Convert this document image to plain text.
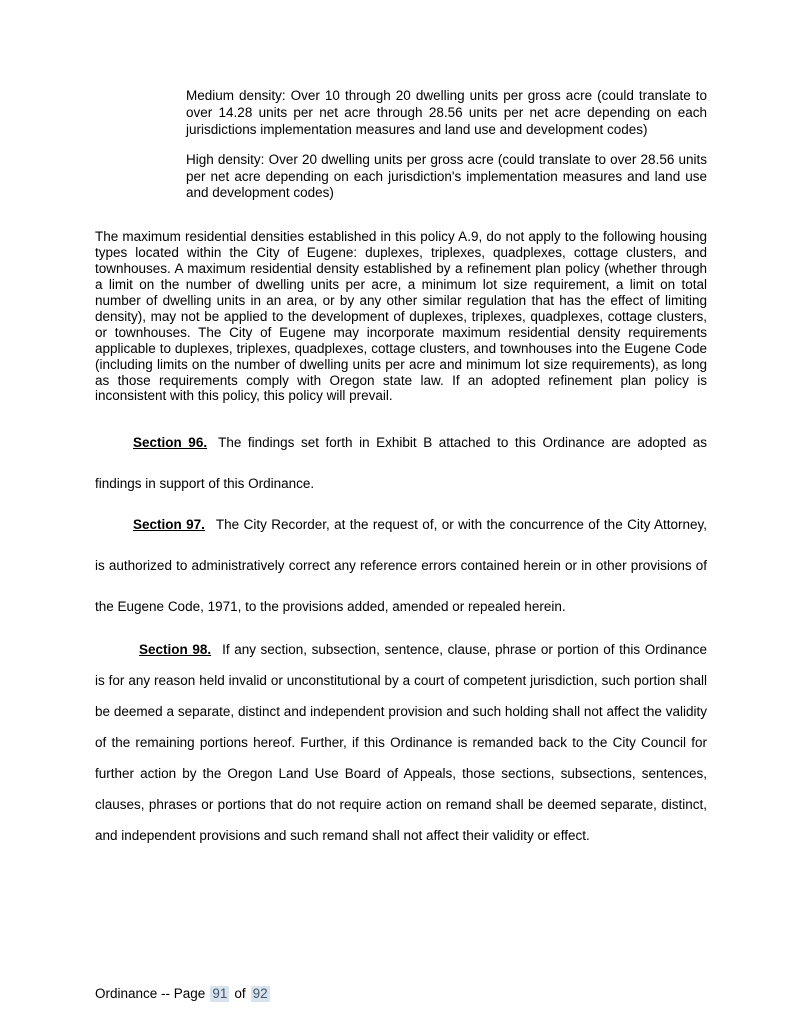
Medium density: Over 10 through 20 dwelling units per gross acre (could translate to over 14.28 units per net acre through 28.56 units per net acre depending on each jurisdictions implementation measures and land use and development codes)

High density: Over 20 dwelling units per gross acre (could translate to over 28.56 units per net acre depending on each jurisdiction's implementation measures and land use and development codes)

The maximum residential densities established in this policy A.9, do not apply to the following housing types located within the City of Eugene: duplexes, triplexes, quadplexes, cottage clusters, and townhouses. A maximum residential density established by a refinement plan policy (whether through a limit on the number of dwelling units per acre, a minimum lot size requirement, a limit on total number of dwelling units in an area, or by any other similar regulation that has the effect of limiting density), may not be applied to the development of duplexes, triplexes, quadplexes, cottage clusters, or townhouses. The City of Eugene may incorporate maximum residential density requirements applicable to duplexes, triplexes, quadplexes, cottage clusters, and townhouses into the Eugene Code (including limits on the number of dwelling units per acre and minimum lot size requirements), as long as those requirements comply with Oregon state law. If an adopted refinement plan policy is inconsistent with this policy, this policy will prevail.

Section 96. The findings set forth in Exhibit B attached to this Ordinance are adopted as findings in support of this Ordinance.

Section 97. The City Recorder, at the request of, or with the concurrence of the City Attorney, is authorized to administratively correct any reference errors contained herein or in other provisions of the Eugene Code, 1971, to the provisions added, amended or repealed herein.

Section 98. If any section, subsection, sentence, clause, phrase or portion of this Ordinance is for any reason held invalid or unconstitutional by a court of competent jurisdiction, such portion shall be deemed a separate, distinct and independent provision and such holding shall not affect the validity of the remaining portions hereof. Further, if this Ordinance is remanded back to the City Council for further action by the Oregon Land Use Board of Appeals, those sections, subsections, sentences, clauses, phrases or portions that do not require action on remand shall be deemed separate, distinct, and independent provisions and such remand shall not affect their validity or effect.

Ordinance -- Page 91 of 92
